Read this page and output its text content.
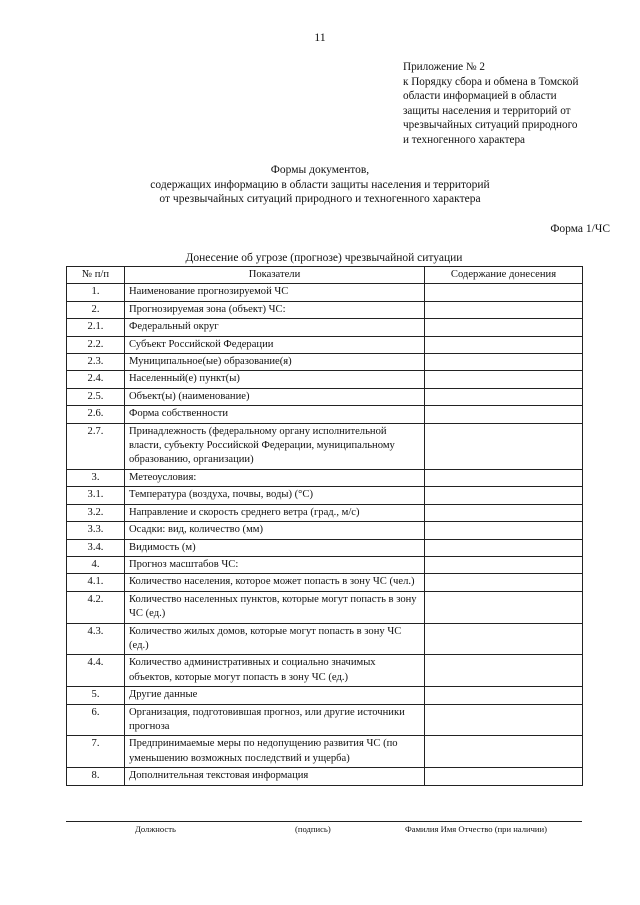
11
Приложение № 2
к Порядку сбора и обмена в Томской
области информацией в области
защиты населения и территорий от
чрезвычайных ситуаций природного
и техногенного характера
Формы документов,
содержащих информацию в области защиты населения и территорий
от чрезвычайных ситуаций природного и техногенного характера
Форма 1/ЧС
Донесение об угрозе (прогнозе) чрезвычайной ситуации
№ п/п	Показатели	Содержание донесения
1.	Наименование прогнозируемой ЧС	
2.	Прогнозируемая зона (объект) ЧС:	
2.1.	Федеральный округ	
2.2.	Субъект Российской Федерации	
2.3.	Муниципальное(ые) образование(я)	
2.4.	Населенный(е) пункт(ы)	
2.5.	Объект(ы) (наименование)	
2.6.	Форма собственности	
2.7.	Принадлежность (федеральному органу исполнительной власти, субъекту Российской Федерации, муниципальному образованию, организации)	
3.	Метеоусловия:	
3.1.	Температура (воздуха, почвы, воды) (°С)	
3.2.	Направление и скорость среднего ветра (град., м/с)	
3.3.	Осадки: вид, количество (мм)	
3.4.	Видимость (м)	
4.	Прогноз масштабов ЧС:	
4.1.	Количество населения, которое может попасть в зону ЧС (чел.)	
4.2.	Количество населенных пунктов, которые могут попасть в зону ЧС (ед.)	
4.3.	Количество жилых домов, которые могут попасть в зону ЧС (ед.)	
4.4.	Количество административных и социально значимых объектов, которые могут попасть в зону ЧС (ед.)	
5.	Другие данные	
6.	Организация, подготовившая прогноз, или другие источники прогноза	
7.	Предпринимаемые меры по недопущению развития ЧС (по уменьшению возможных последствий и ущерба)	
8.	Дополнительная текстовая информация	
Должность	(подпись)	Фамилия Имя Отчество (при наличии)
